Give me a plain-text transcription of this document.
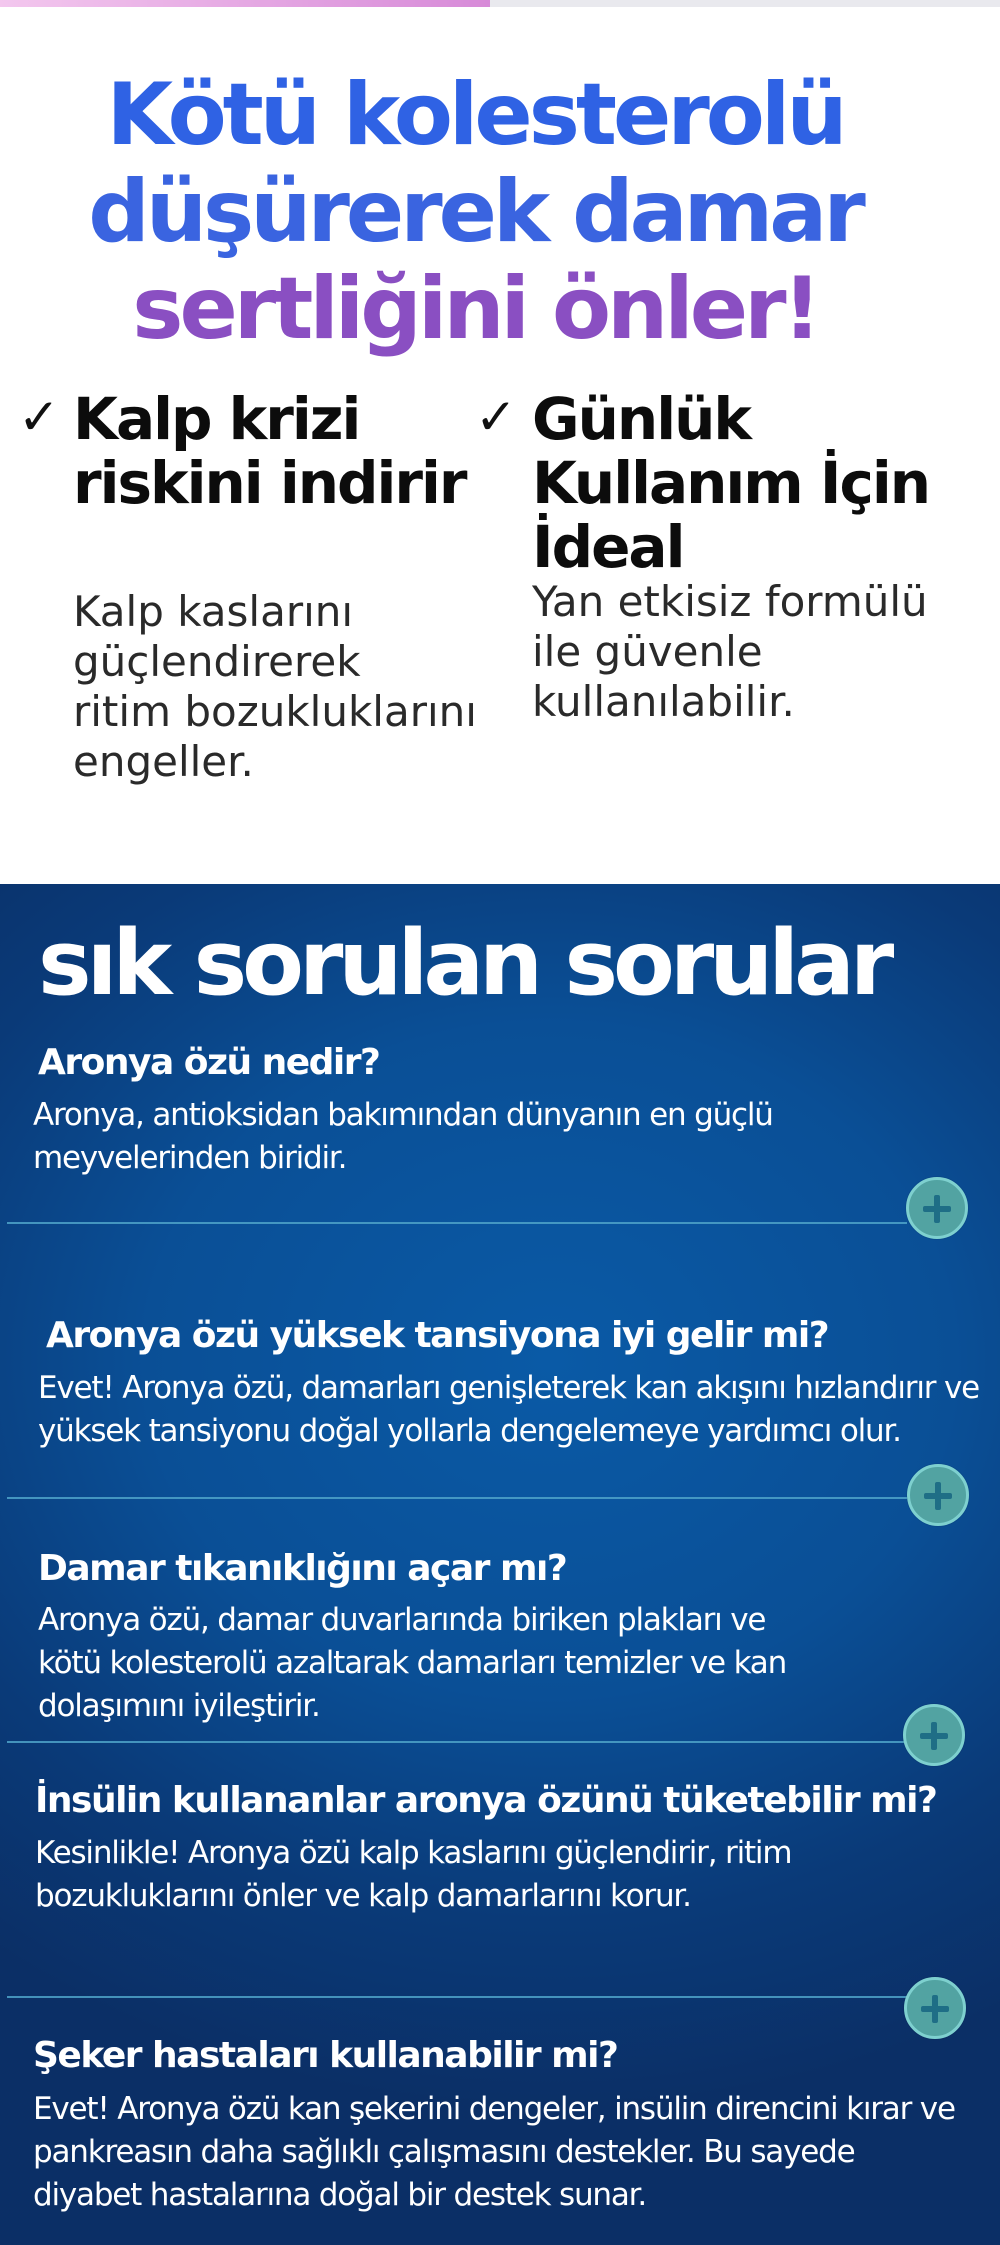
Kötü kolesterolü
düşürerek damar
sertliğini önler!
✓ Kalp krizi riskini indirir
Kalp kaslarını
güçlendirerek
ritim bozukluklarını
engeller.
✓ Günlük Kullanım İçin İdeal
Yan etkisiz formülü
ile güvenle
kullanılabilir.
sık sorulan sorular
Aronya özü nedir?
Aronya, antioksidan bakımından dünyanın en güçlü
meyvelerinden biridir.
Aronya özü yüksek tansiyona iyi gelir mi?
Evet! Aronya özü, damarları genişleterek kan akışını hızlandırır ve
yüksek tansiyonu doğal yollarla dengelemeye yardımcı olur.
Damar tıkanıklığını açar mı?
Aronya özü, damar duvarlarında biriken plakları ve
kötü kolesterolü azaltarak damarları temizler ve kan
dolaşımını iyileştirir.
İnsülin kullananlar aronya özünü tüketebilir mi?
Kesinlikle! Aronya özü kalp kaslarını güçlendirir, ritim
bozukluklarını önler ve kalp damarlarını korur.
Şeker hastaları kullanabilir mi?
Evet! Aronya özü kan şekerini dengeler, insülin direncini kırar ve
pankreasın daha sağlıklı çalışmasını destekler. Bu sayede
diyabet hastalarına doğal bir destek sunar.
